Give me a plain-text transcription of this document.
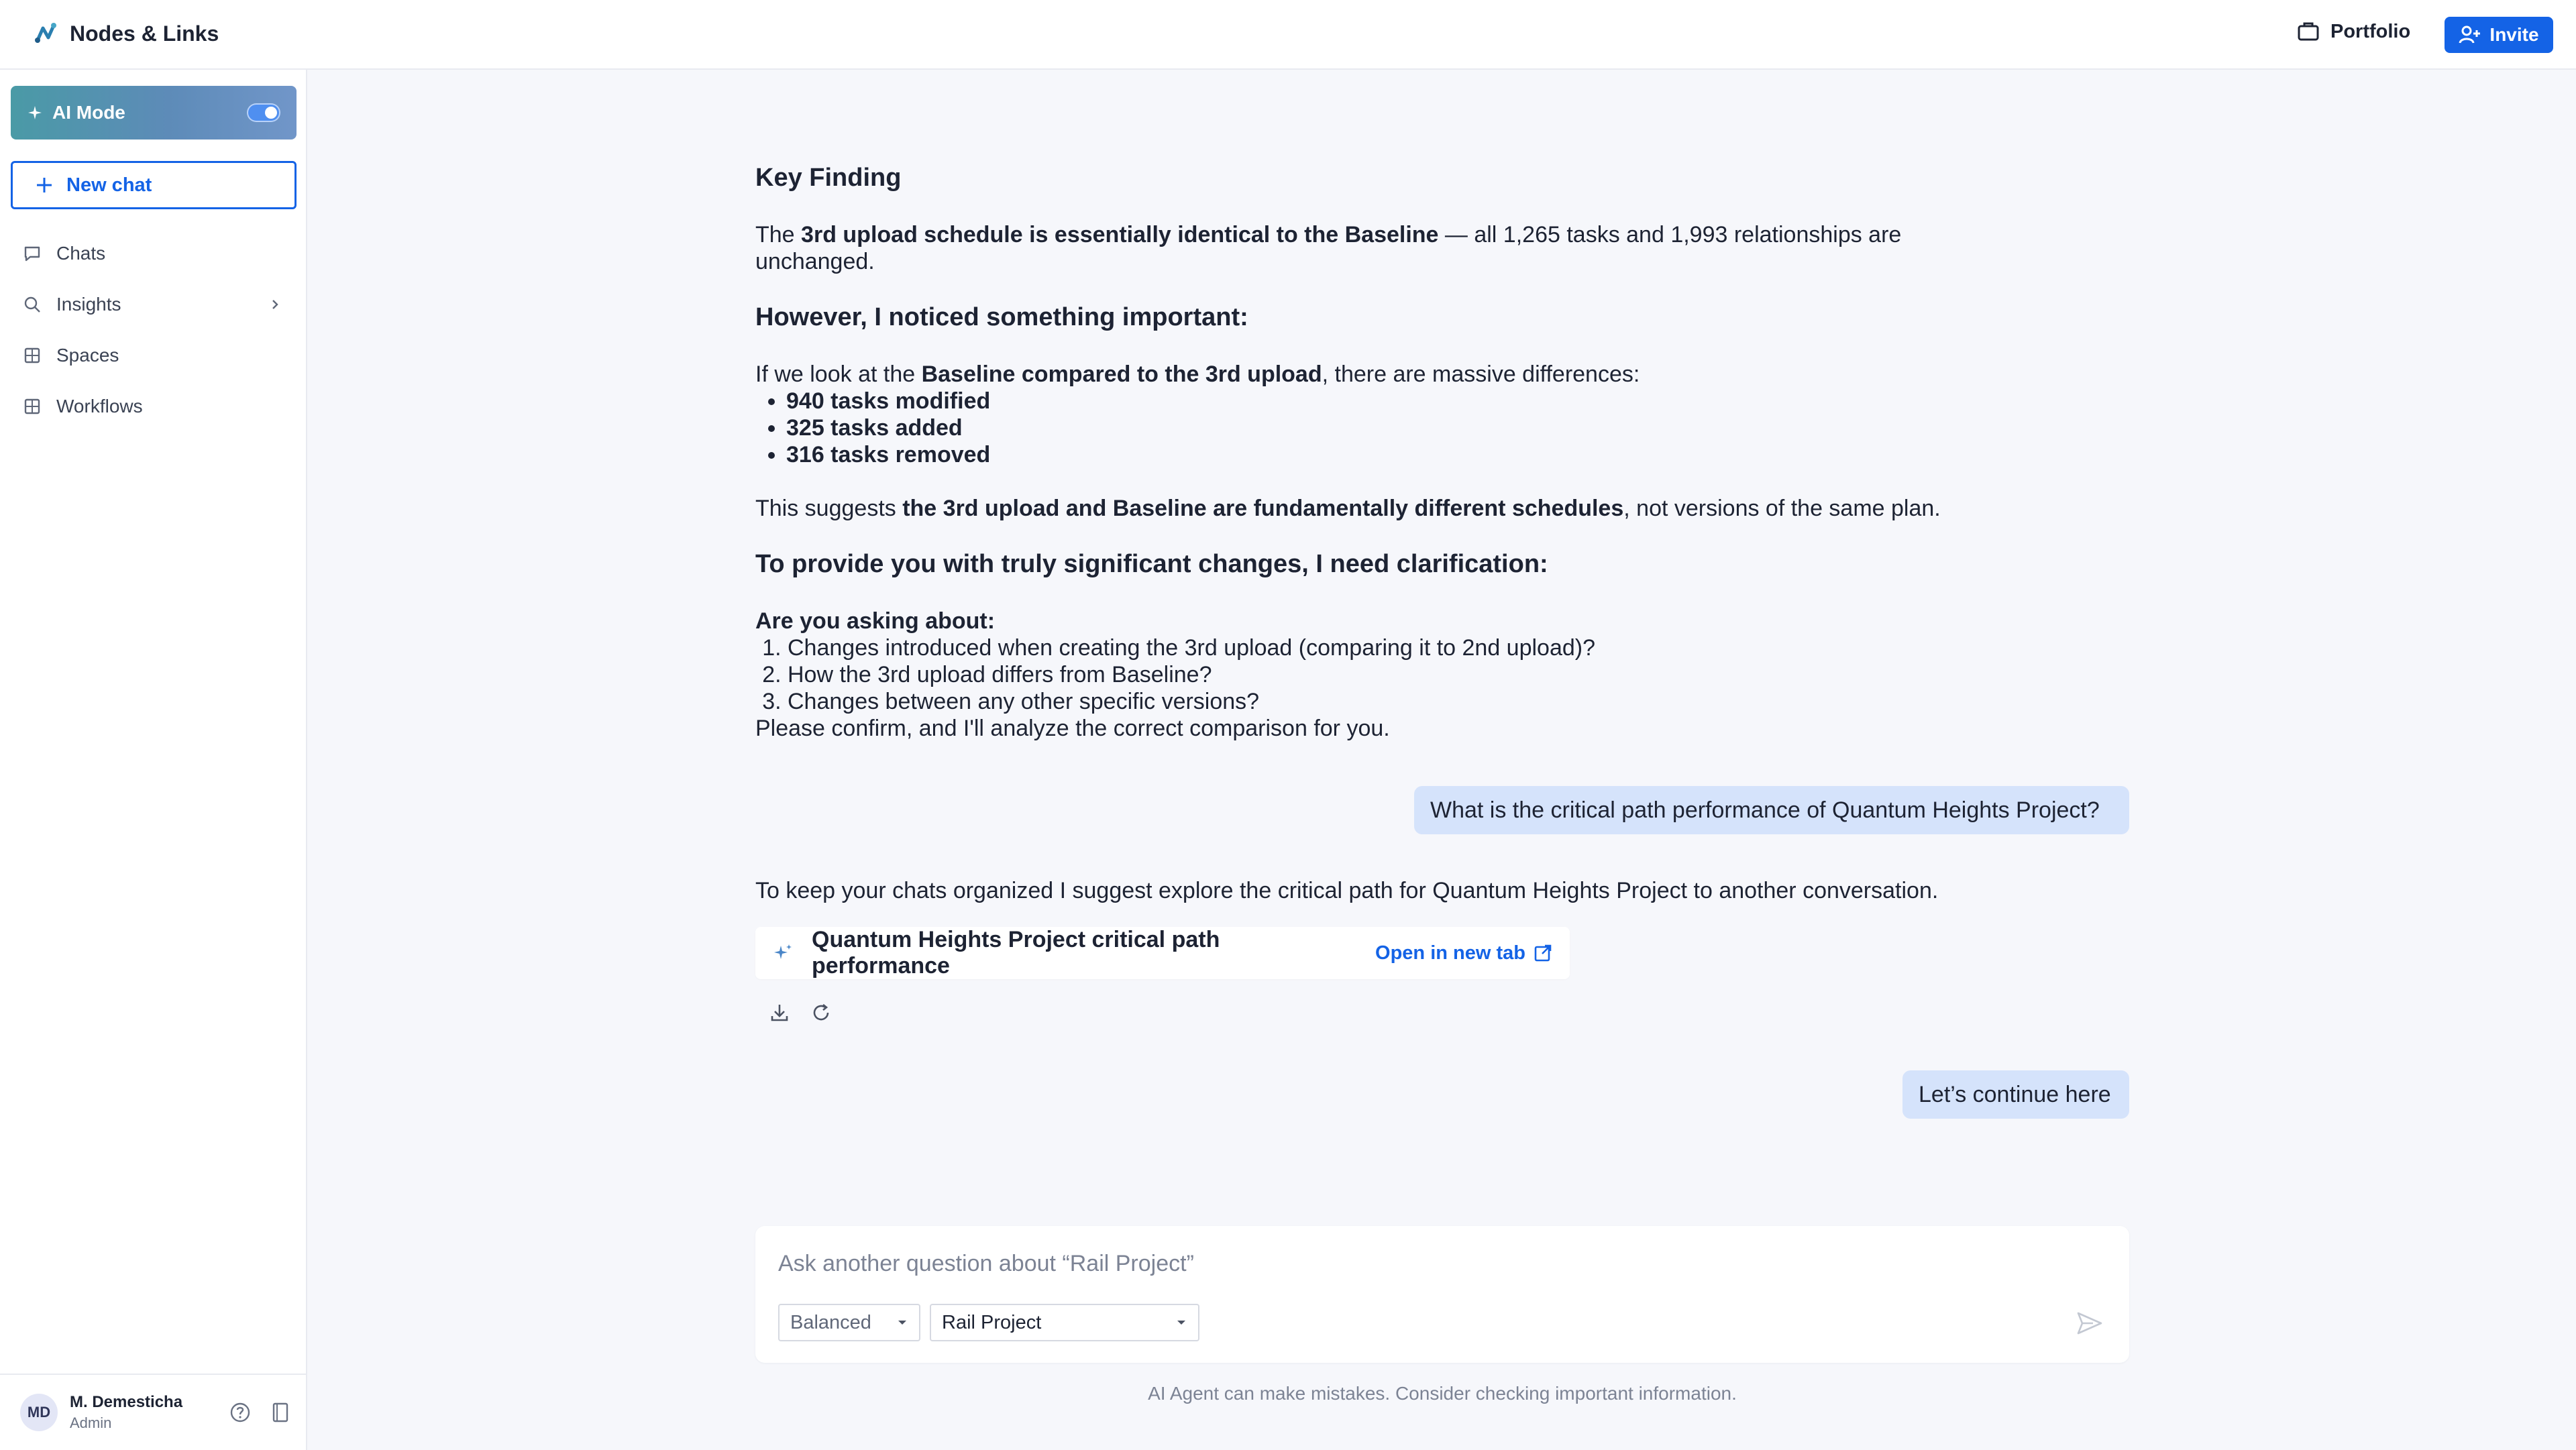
Nodes & Links	Portfolio	Invite
AI Mode
New chat
Chats
Insights
Spaces
Workflows
MD
M. Demesticha
Admin
Key Finding
The 3rd upload schedule is essentially identical to the Baseline — all 1,265 tasks and 1,993 relationships are
unchanged.
However, I noticed something important:
If we look at the Baseline compared to the 3rd upload, there are massive differences:
• 940 tasks modified
• 325 tasks added
• 316 tasks removed
This suggests the 3rd upload and Baseline are fundamentally different schedules, not versions of the same plan.
To provide you with truly significant changes, I need clarification:
Are you asking about:
1. Changes introduced when creating the 3rd upload (comparing it to 2nd upload)?
2. How the 3rd upload differs from Baseline?
3. Changes between any other specific versions?
Please confirm, and I'll analyze the correct comparison for you.
What is the critical path performance of Quantum Heights Project?
To keep your chats organized I suggest explore the critical path for Quantum Heights Project to another conversation.
Let’s continue here
Quantum Heights Project critical path performance
Open in new tab
Ask another question about “Rail Project”
Balanced	Rail Project
AI Agent can make mistakes. Consider checking important information.
